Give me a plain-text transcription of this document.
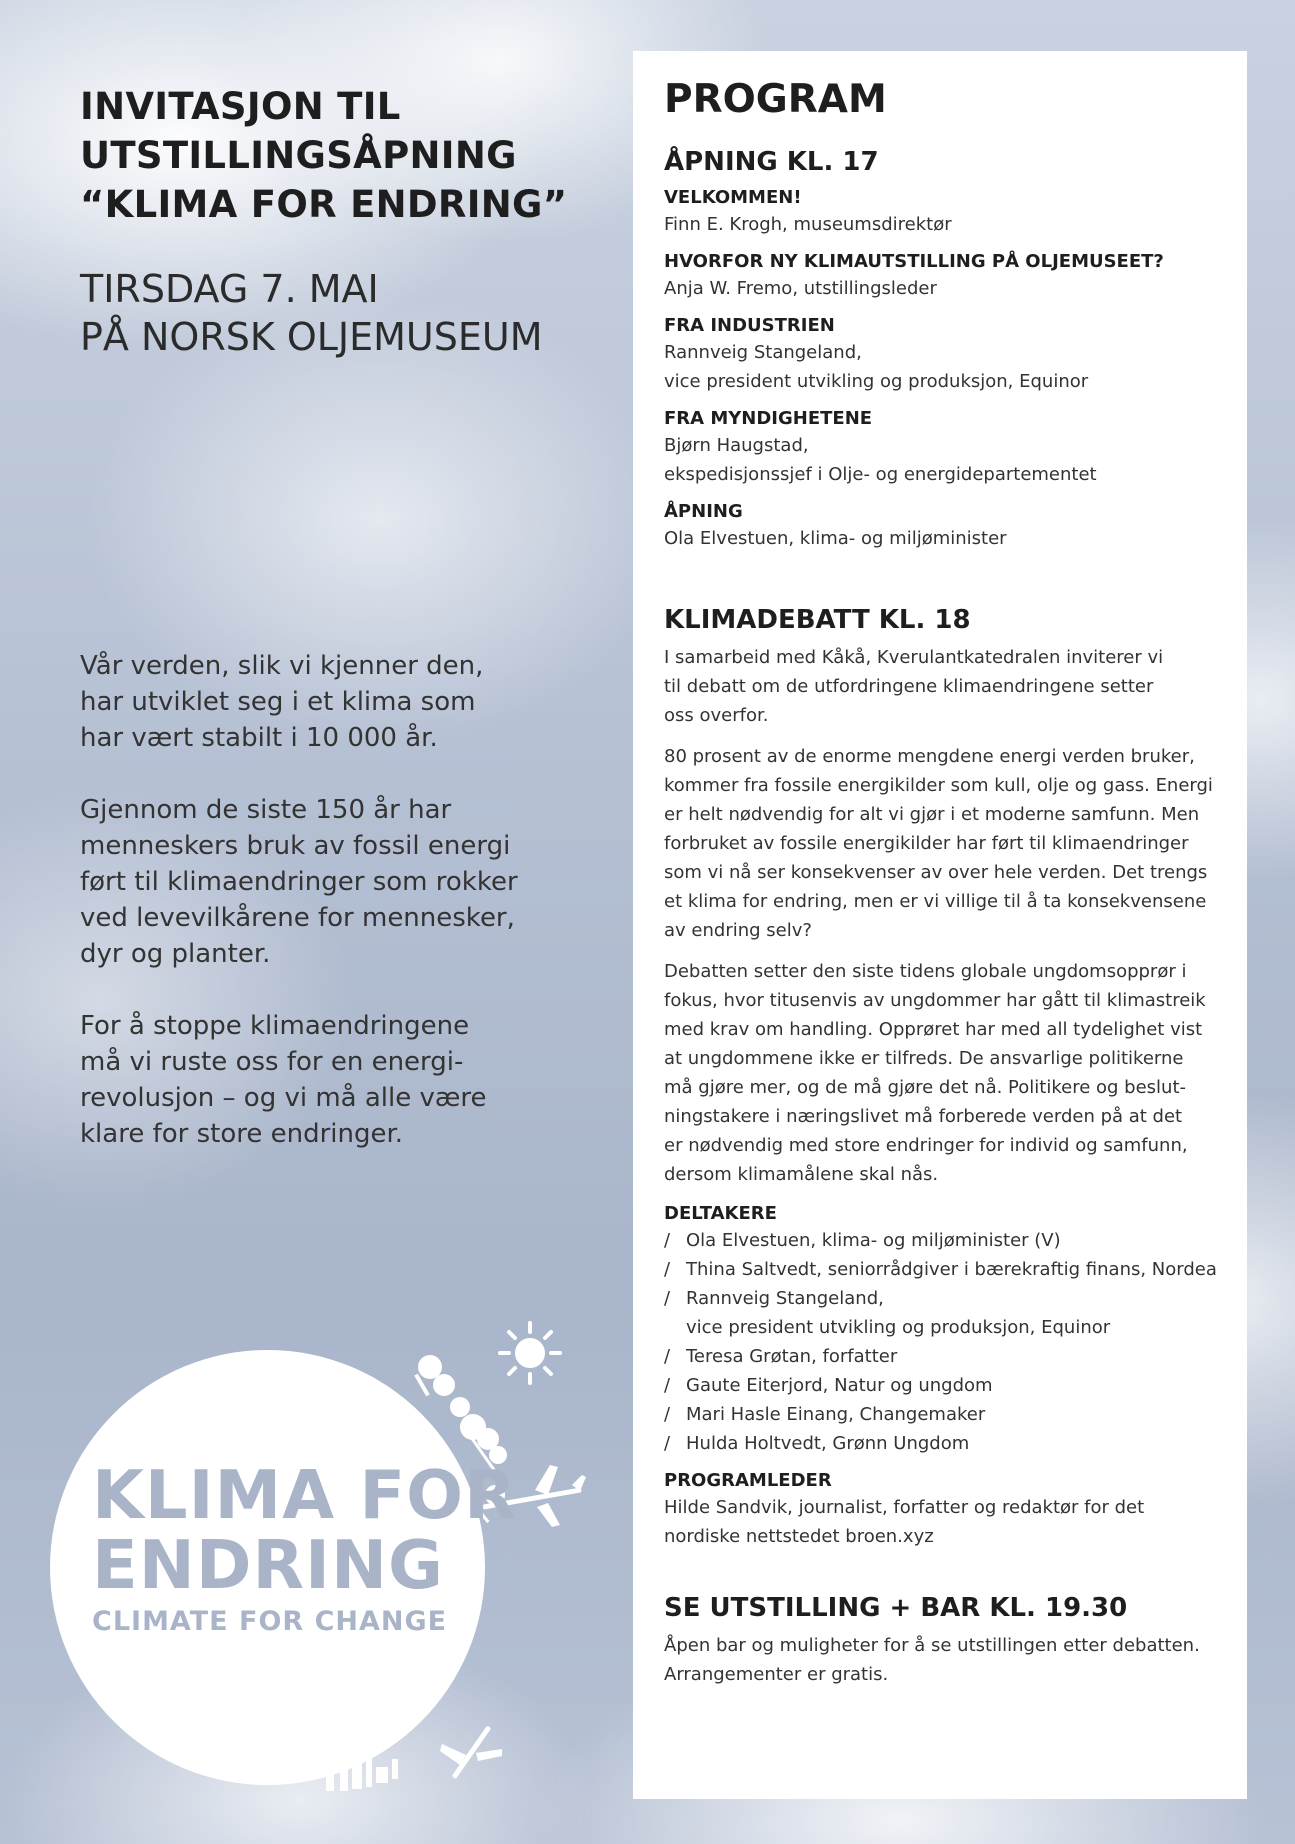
INVITASJON TIL
UTSTILLINGSÅPNING
“KLIMA FOR ENDRING”
TIRSDAG 7. MAI
PÅ NORSK OLJEMUSEUM

Vår verden, slik vi kjenner den,
har utviklet seg i et klima som
har vært stabilt i 10 000 år.

Gjennom de siste 150 år har
menneskers bruk av fossil energi
ført til klimaendringer som rokker
ved levevilkårene for mennesker,
dyr og planter.

For å stoppe klimaendringene
må vi ruste oss for en energi-
revolusjon – og vi må alle være
klare for store endringer.

KLIMA FOR
ENDRING
CLIMATE FOR CHANGE
PROGRAM
ÅPNING KL. 17
VELKOMMEN!
Finn E. Krogh, museumsdirektør
HVORFOR NY KLIMAUTSTILLING PÅ OLJEMUSEET?
Anja W. Fremo, utstillingsleder
FRA INDUSTRIEN
Rannveig Stangeland,
vice president utvikling og produksjon, Equinor
FRA MYNDIGHETENE
Bjørn Haugstad,
ekspedisjonssjef i Olje- og energidepartementet
ÅPNING
Ola Elvestuen, klima- og miljøminister
KLIMADEBATT KL. 18
I samarbeid med Kåkå, Kverulantkatedralen inviterer vi
til debatt om de utfordringene klimaendringene setter
oss overfor.
80 prosent av de enorme mengdene energi verden bruker,
kommer fra fossile energikilder som kull, olje og gass. Energi
er helt nødvendig for alt vi gjør i et moderne samfunn. Men
forbruket av fossile energikilder har ført til klimaendringer
som vi nå ser konsekvenser av over hele verden. Det trengs
et klima for endring, men er vi villige til å ta konsekvensene
av endring selv?
Debatten setter den siste tidens globale ungdomsopprør i
fokus, hvor titusenvis av ungdommer har gått til klimastreik
med krav om handling. Opprøret har med all tydelighet vist
at ungdommene ikke er tilfreds. De ansvarlige politikerne
må gjøre mer, og de må gjøre det nå. Politikere og beslut-
ningstakere i næringslivet må forberede verden på at det
er nødvendig med store endringer for individ og samfunn,
dersom klimamålene skal nås.
DELTAKERE
/ Ola Elvestuen, klima- og miljøminister (V)
/ Thina Saltvedt, seniorrådgiver i bærekraftig finans, Nordea
/ Rannveig Stangeland,
vice president utvikling og produksjon, Equinor
/ Teresa Grøtan, forfatter
/ Gaute Eiterjord, Natur og ungdom
/ Mari Hasle Einang, Changemaker
/ Hulda Holtvedt, Grønn Ungdom
PROGRAMLEDER
Hilde Sandvik, journalist, forfatter og redaktør for det
nordiske nettstedet broen.xyz
SE UTSTILLING + BAR KL. 19.30
Åpen bar og muligheter for å se utstillingen etter debatten.
Arrangementer er gratis.
